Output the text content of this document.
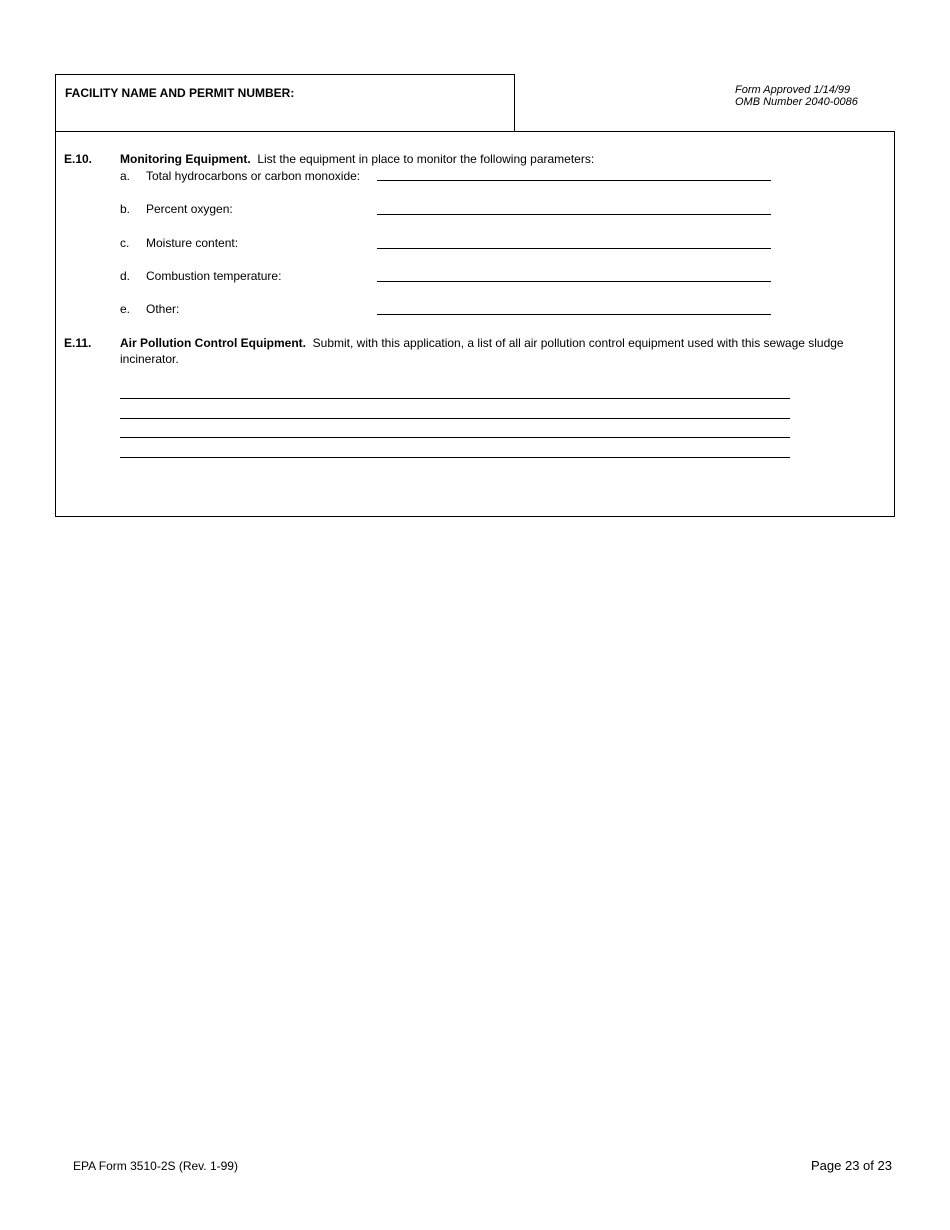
FACILITY NAME AND PERMIT NUMBER:	Form Approved 1/14/99
OMB Number 2040-0086
E.10. Monitoring Equipment. List the equipment in place to monitor the following parameters:
a. Total hydrocarbons or carbon monoxide:
b. Percent oxygen:
c. Moisture content:
d. Combustion temperature:
e. Other:
E.11. Air Pollution Control Equipment. Submit, with this application, a list of all air pollution control equipment used with this sewage sludge
incinerator.
EPA Form 3510-2S (Rev. 1-99)	Page 23 of 23
